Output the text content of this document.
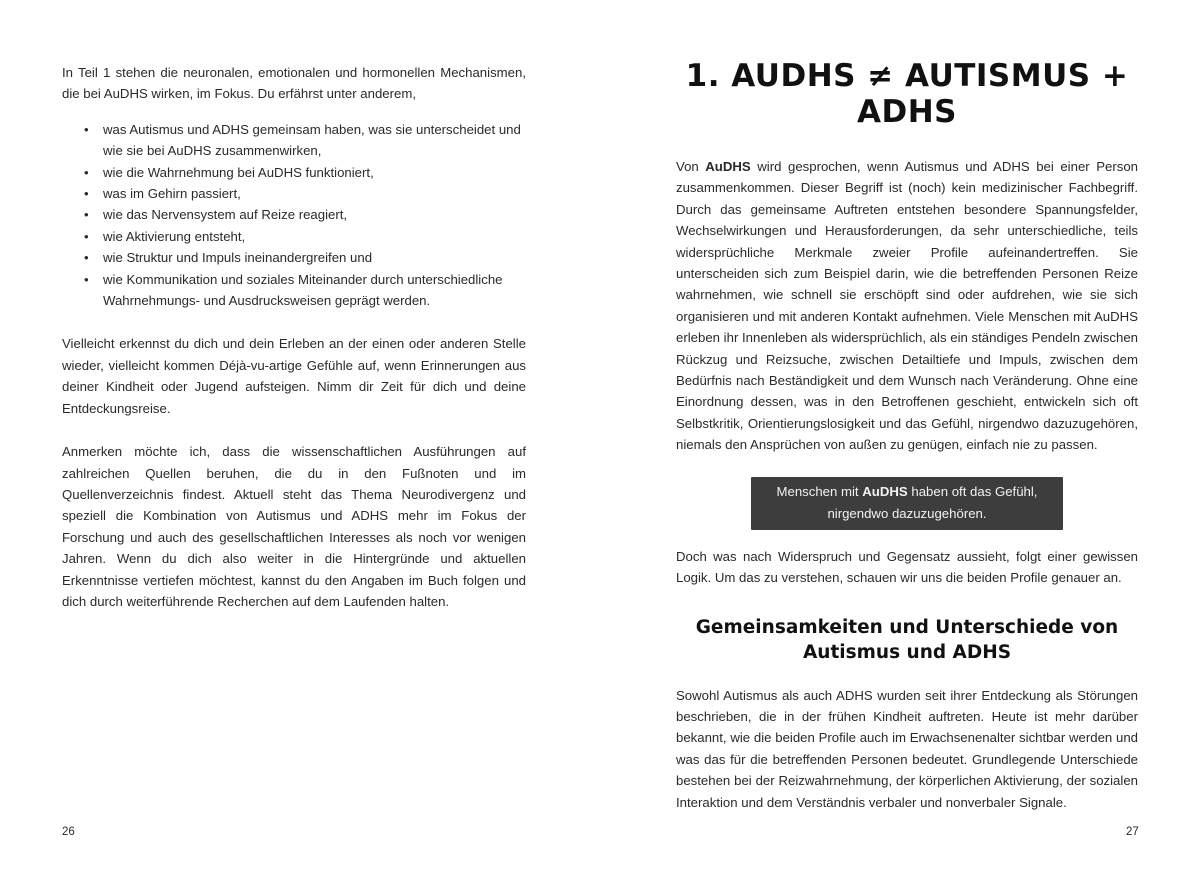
In Teil 1 stehen die neuronalen, emotionalen und hormonellen Mechanismen, die bei AuDHS wirken, im Fokus. Du erfährst unter anderem,

• was Autismus und ADHS gemeinsam haben, was sie unterscheidet und wie sie bei AuDHS zusammenwirken,
• wie die Wahrnehmung bei AuDHS funktioniert,
• was im Gehirn passiert,
• wie das Nervensystem auf Reize reagiert,
• wie Aktivierung entsteht,
• wie Struktur und Impuls ineinandergreifen und
• wie Kommunikation und soziales Miteinander durch unterschiedliche Wahrnehmungs- und Ausdrucksweisen geprägt werden.

Vielleicht erkennst du dich und dein Erleben an der einen oder anderen Stelle wieder, vielleicht kommen Déjà-vu-artige Gefühle auf, wenn Erinnerungen aus deiner Kindheit oder Jugend aufsteigen. Nimm dir Zeit für dich und deine Entdeckungsreise.

Anmerken möchte ich, dass die wissenschaftlichen Ausführungen auf zahlreichen Quellen beruhen, die du in den Fußnoten und im Quellenverzeichnis findest. Aktuell steht das Thema Neurodivergenz und speziell die Kombination von Autismus und ADHS mehr im Fokus der Forschung und auch des gesellschaftlichen Interesses als noch vor wenigen Jahren. Wenn du dich also weiter in die Hintergründe und aktuellen Erkenntnisse vertiefen möchtest, kannst du den Angaben im Buch folgen und dich durch weiterführende Recherchen auf dem Laufenden halten.

26
1. AUDHS ≠ AUTISMUS + ADHS

Von AuDHS wird gesprochen, wenn Autismus und ADHS bei einer Person zusammenkommen. Dieser Begriff ist (noch) kein medizinischer Fachbegriff. Durch das gemeinsame Auftreten entstehen besondere Spannungsfelder, Wechselwirkungen und Herausforderungen, da sehr unterschiedliche, teils widersprüchliche Merkmale zweier Profile aufeinandertreffen. Sie unterscheiden sich zum Beispiel darin, wie die betreffenden Personen Reize wahrnehmen, wie schnell sie erschöpft sind oder aufdrehen, wie sie sich organisieren und mit anderen Kontakt aufnehmen. Viele Menschen mit AuDHS erleben ihr Innenleben als widersprüchlich, als ein ständiges Pendeln zwischen Rückzug und Reizsuche, zwischen Detailtiefe und Impuls, zwischen dem Bedürfnis nach Beständigkeit und dem Wunsch nach Veränderung. Ohne eine Einordnung dessen, was in den Betroffenen geschieht, entwickeln sich oft Selbstkritik, Orientierungslosigkeit und das Gefühl, nirgendwo dazuzugehören, niemals den Ansprüchen von außen zu genügen, einfach nie zu passen.

Menschen mit AuDHS haben oft das Gefühl, nirgendwo dazuzugehören.

Doch was nach Widerspruch und Gegensatz aussieht, folgt einer gewissen Logik. Um das zu verstehen, schauen wir uns die beiden Profile genauer an.

Gemeinsamkeiten und Unterschiede von Autismus und ADHS

Sowohl Autismus als auch ADHS wurden seit ihrer Entdeckung als Störungen beschrieben, die in der frühen Kindheit auftreten. Heute ist mehr darüber bekannt, wie die beiden Profile auch im Erwachsenenalter sichtbar werden und was das für die betreffenden Personen bedeutet. Grundlegende Unterschiede bestehen bei der Reizwahrnehmung, der körperlichen Aktivierung, der sozialen Interaktion und dem Verständnis verbaler und nonverbaler Signale.

27
